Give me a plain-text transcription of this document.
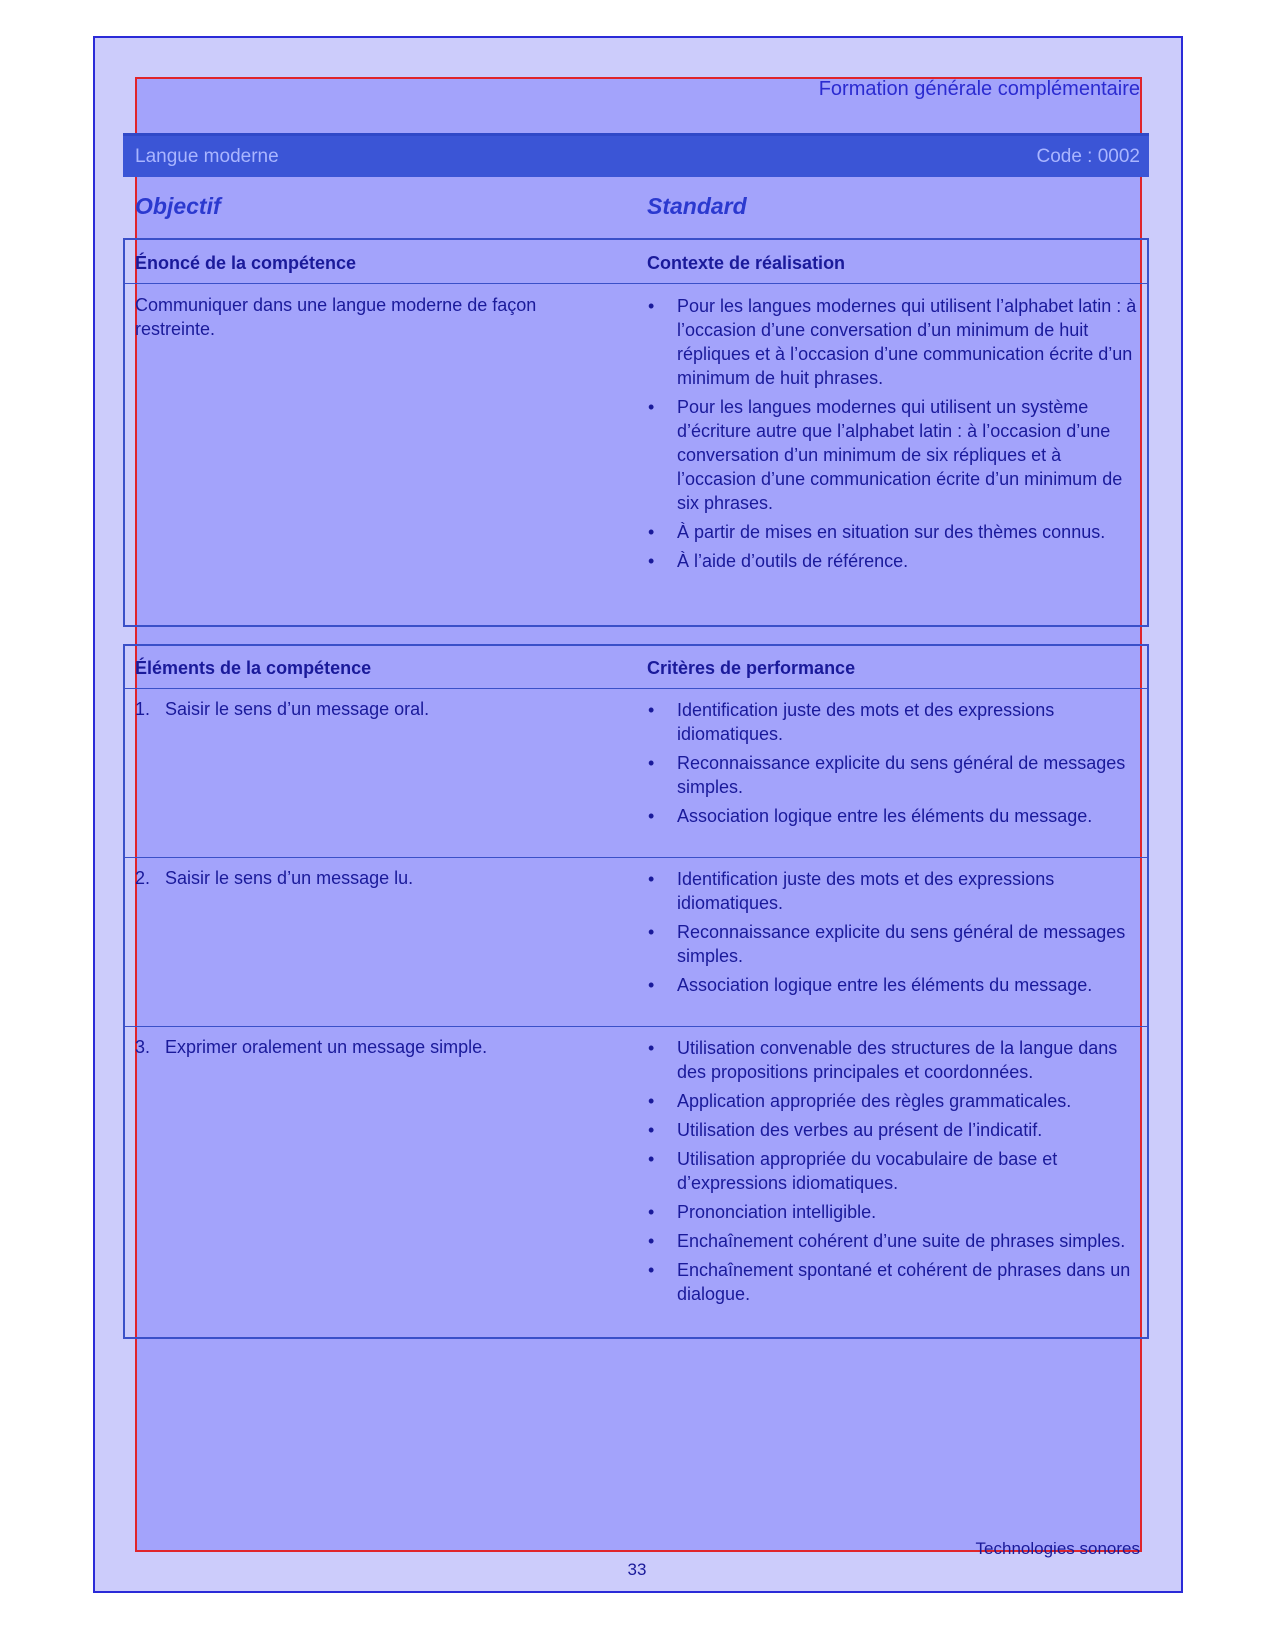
Formation générale complémentaire
Langue moderne	Code : 0002
Objectif	Standard
Énoncé de la compétence	Contexte de réalisation
Communiquer dans une langue moderne de façon restreinte.
• Pour les langues modernes qui utilisent l’alphabet latin : à l’occasion d’une conversation d’un minimum de huit répliques et à l’occasion d’une communication écrite d’un minimum de huit phrases.
• Pour les langues modernes qui utilisent un système d’écriture autre que l’alphabet latin : à l’occasion d’une conversation d’un minimum de six répliques et à l’occasion d’une communication écrite d’un minimum de six phrases.
• À partir de mises en situation sur des thèmes connus.
• À l’aide d’outils de référence.
Éléments de la compétence	Critères de performance
1.   Saisir le sens d’un message oral.	• Identification juste des mots et des expressions idiomatiques.
• Reconnaissance explicite du sens général de messages simples.
• Association logique entre les éléments du message.
2.   Saisir le sens d’un message lu.	• Identification juste des mots et des expressions idiomatiques.
• Reconnaissance explicite du sens général de messages simples.
• Association logique entre les éléments du message.
3.   Exprimer oralement un message simple.	• Utilisation convenable des structures de la langue dans des propositions principales et coordonnées.
• Application appropriée des règles grammaticales.
• Utilisation des verbes au présent de l’indicatif.
• Utilisation appropriée du vocabulaire de base et d’expressions idiomatiques.
• Prononciation intelligible.
• Enchaînement cohérent d’une suite de phrases simples.
• Enchaînement spontané et cohérent de phrases dans un dialogue.
Technologies sonores
33
